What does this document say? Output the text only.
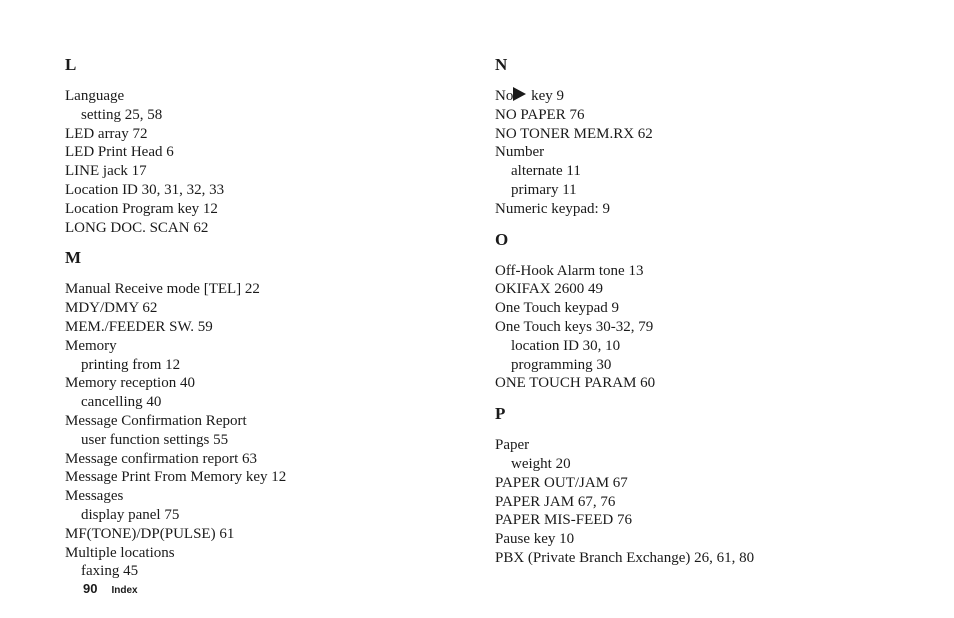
L
Language
setting 25, 58
LED array 72
LED Print Head 6
LINE jack 17
Location ID 30, 31, 32, 33
Location Program key 12
LONG DOC. SCAN 62
M
Manual Receive mode [TEL] 22
MDY/DMY 62
MEM./FEEDER SW. 59
Memory
printing from 12
Memory reception 40
cancelling 40
Message Confirmation Report
user function settings 55
Message confirmation report 63
Message Print From Memory key 12
Messages
display panel 75
MF(TONE)/DP(PULSE) 61
Multiple locations
faxing 45
N
No key 9
NO PAPER 76
NO TONER MEM.RX 62
Number
alternate 11
primary 11
Numeric keypad: 9
O
Off-Hook Alarm tone 13
OKIFAX 2600 49
One Touch keypad 9
One Touch keys 30-32, 79
location ID 30, 10
programming 30
ONE TOUCH PARAM 60
P
Paper
weight 20
PAPER OUT/JAM 67
PAPER JAM 67, 76
PAPER MIS-FEED 76
Pause key 10
PBX (Private Branch Exchange) 26, 61, 80
90 Index
